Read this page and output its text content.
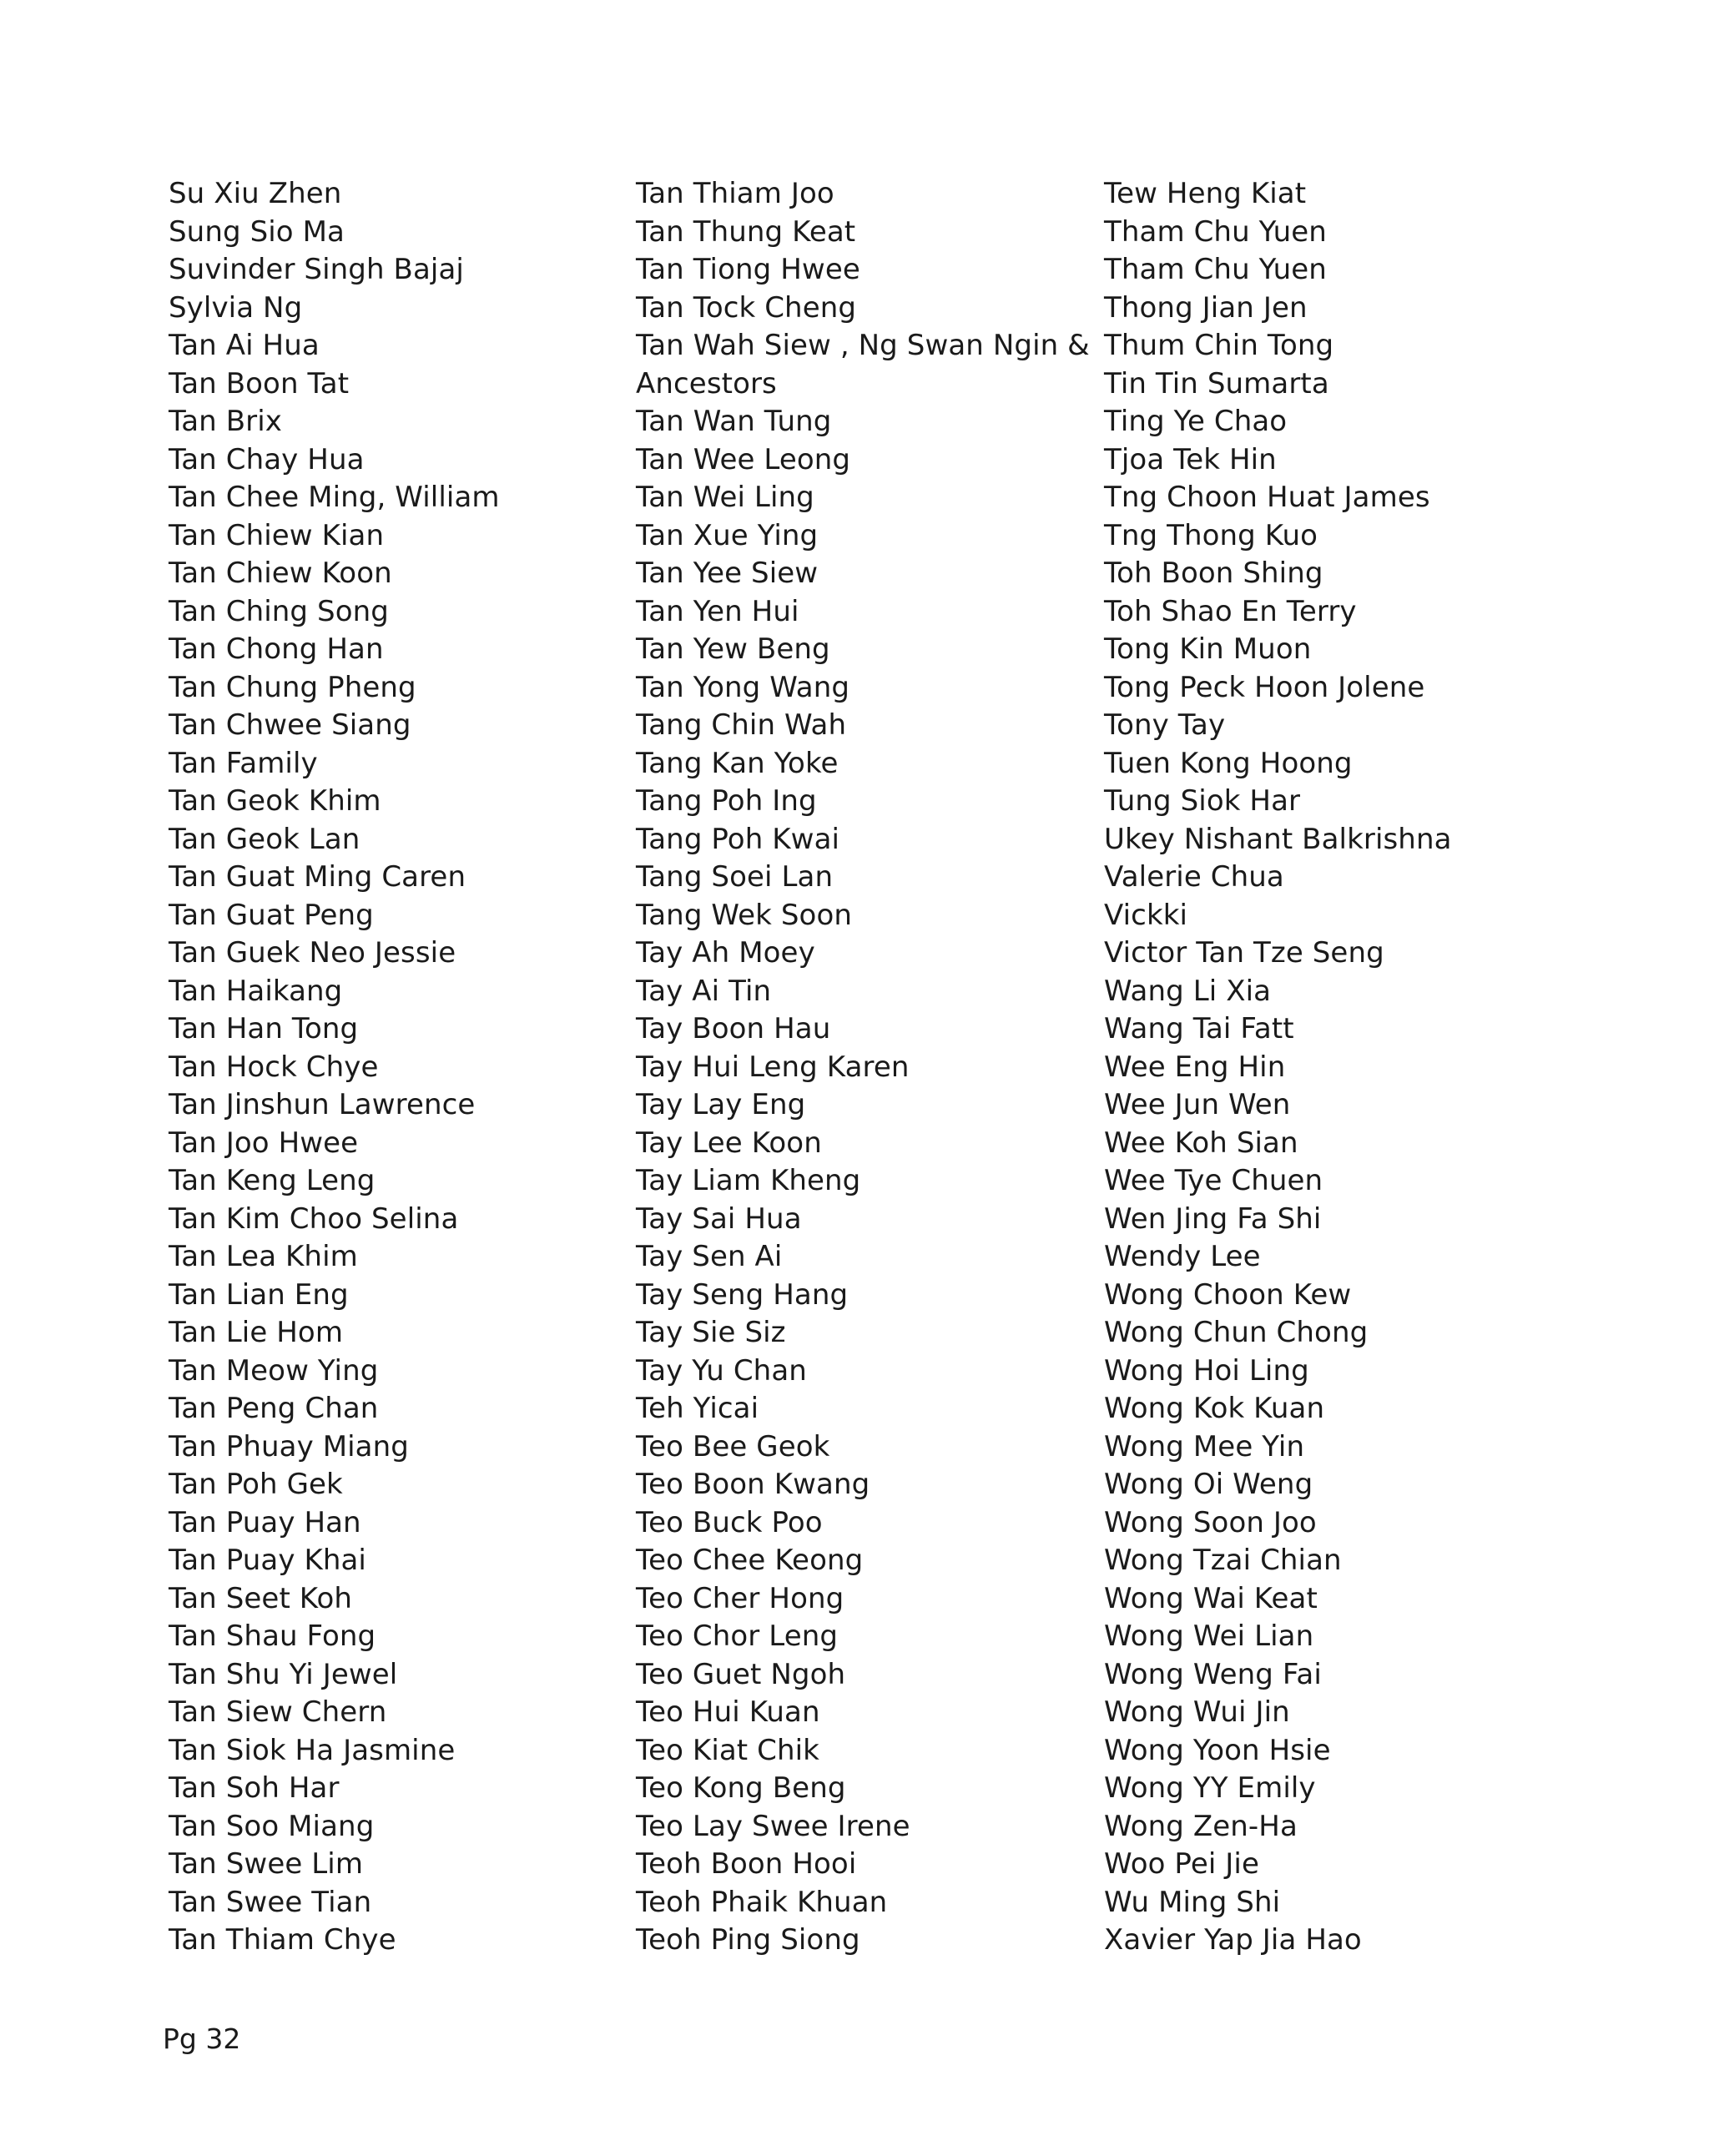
Su Xiu Zhen
Sung Sio Ma
Suvinder Singh Bajaj
Sylvia Ng
Tan Ai Hua
Tan Boon Tat
Tan Brix
Tan Chay Hua
Tan Chee Ming, William
Tan Chiew Kian
Tan Chiew Koon
Tan Ching Song
Tan Chong Han
Tan Chung Pheng
Tan Chwee Siang
Tan Family
Tan Geok Khim
Tan Geok Lan
Tan Guat Ming Caren
Tan Guat Peng
Tan Guek Neo Jessie
Tan Haikang
Tan Han Tong
Tan Hock Chye
Tan Jinshun Lawrence
Tan Joo Hwee
Tan Keng Leng
Tan Kim Choo Selina
Tan Lea Khim
Tan Lian Eng
Tan Lie Hom
Tan Meow Ying
Tan Peng Chan
Tan Phuay Miang
Tan Poh Gek
Tan Puay Han
Tan Puay Khai
Tan Seet Koh
Tan Shau Fong
Tan Shu Yi Jewel
Tan Siew Chern
Tan Siok Ha Jasmine
Tan Soh Har
Tan Soo Miang
Tan Swee Lim
Tan Swee Tian
Tan Thiam Chye
Tan Thiam Joo
Tan Thung Keat
Tan Tiong Hwee
Tan Tock Cheng
Tan Wah Siew , Ng Swan Ngin &
Ancestors
Tan Wan Tung
Tan Wee Leong
Tan Wei Ling
Tan Xue Ying
Tan Yee Siew
Tan Yen Hui
Tan Yew Beng
Tan Yong Wang
Tang Chin Wah
Tang Kan Yoke
Tang Poh Ing
Tang Poh Kwai
Tang Soei Lan
Tang Wek Soon
Tay Ah Moey
Tay Ai Tin
Tay Boon Hau
Tay Hui Leng Karen
Tay Lay Eng
Tay Lee Koon
Tay Liam Kheng
Tay Sai Hua
Tay Sen Ai
Tay Seng Hang
Tay Sie Siz
Tay Yu Chan
Teh Yicai
Teo Bee Geok
Teo Boon Kwang
Teo Buck Poo
Teo Chee Keong
Teo Cher Hong
Teo Chor Leng
Teo Guet Ngoh
Teo Hui Kuan
Teo Kiat Chik
Teo Kong Beng
Teo Lay Swee Irene
Teoh Boon Hooi
Teoh Phaik Khuan
Teoh Ping Siong
Tew Heng Kiat
Tham Chu Yuen
Tham Chu Yuen
Thong Jian Jen
Thum Chin Tong
Tin Tin Sumarta
Ting Ye Chao
Tjoa Tek Hin
Tng Choon Huat James
Tng Thong Kuo
Toh Boon Shing
Toh Shao En Terry
Tong Kin Muon
Tong Peck Hoon Jolene
Tony Tay
Tuen Kong Hoong
Tung Siok Har
Ukey Nishant Balkrishna
Valerie Chua
Vickki
Victor Tan Tze Seng
Wang Li Xia
Wang Tai Fatt
Wee Eng Hin
Wee Jun Wen
Wee Koh Sian
Wee Tye Chuen
Wen Jing Fa Shi
Wendy Lee
Wong Choon Kew
Wong Chun Chong
Wong Hoi Ling
Wong Kok Kuan
Wong Mee Yin
Wong Oi Weng
Wong Soon Joo
Wong Tzai Chian
Wong Wai Keat
Wong Wei Lian
Wong Weng Fai
Wong Wui Jin
Wong Yoon Hsie
Wong YY Emily
Wong Zen-Ha
Woo Pei Jie
Wu Ming Shi
Xavier Yap Jia Hao
Pg 32
